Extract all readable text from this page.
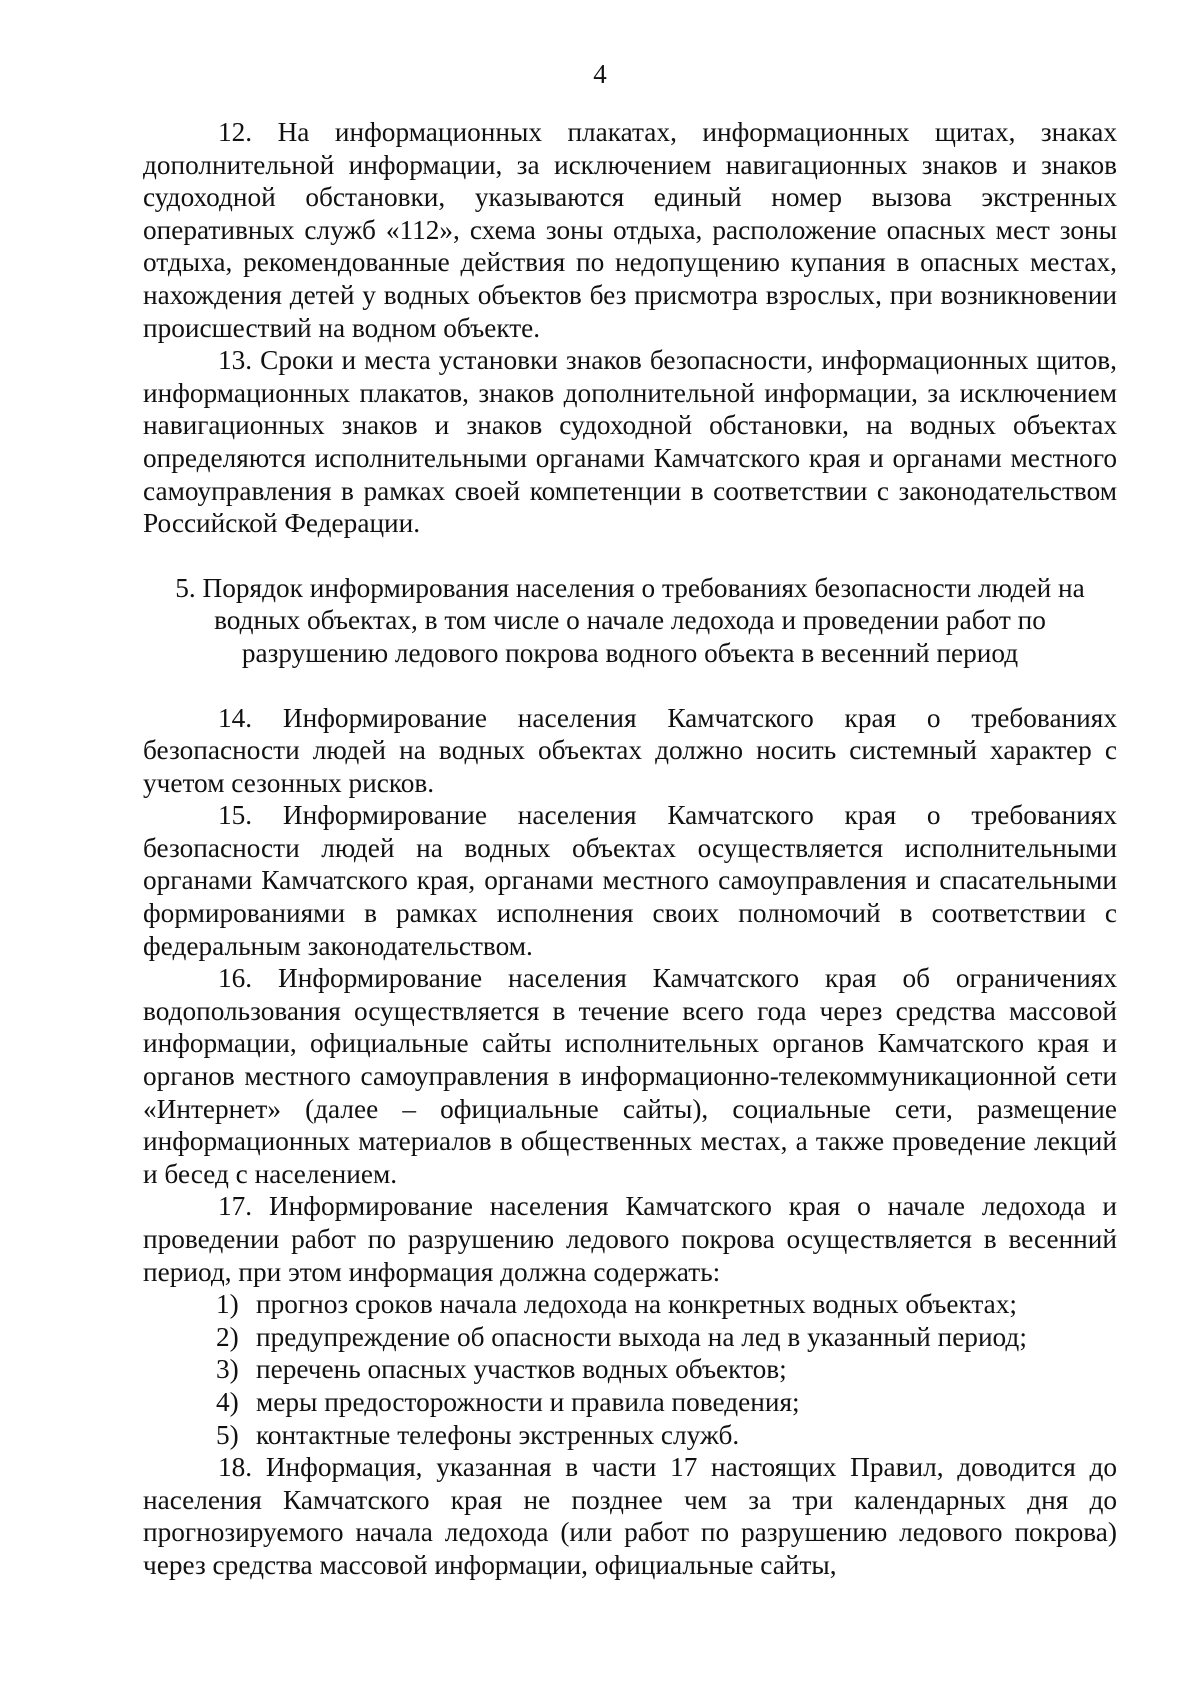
4

12. На информационных плакатах, информационных щитах, знаках дополнительной информации, за исключением навигационных знаков и знаков судоходной обстановки, указываются единый номер вызова экстренных оперативных служб «112», схема зоны отдыха, расположение опасных мест зоны отдыха, рекомендованные действия по недопущению купания в опасных местах, нахождения детей у водных объектов без присмотра взрослых, при возникновении происшествий на водном объекте.

13. Сроки и места установки знаков безопасности, информационных щитов, информационных плакатов, знаков дополнительной информации, за исключением навигационных знаков и знаков судоходной обстановки, на водных объектах определяются исполнительными органами Камчатского края и органами местного самоуправления в рамках своей компетенции в соответствии с законодательством Российской Федерации.

5. Порядок информирования населения о требованиях безопасности людей на водных объектах, в том числе о начале ледохода и проведении работ по разрушению ледового покрова водного объекта в весенний период

14. Информирование населения Камчатского края о требованиях безопасности людей на водных объектах должно носить системный характер с учетом сезонных рисков.

15. Информирование населения Камчатского края о требованиях безопасности людей на водных объектах осуществляется исполнительными органами Камчатского края, органами местного самоуправления и спасательными формированиями в рамках исполнения своих полномочий в соответствии с федеральным законодательством.

16. Информирование населения Камчатского края об ограничениях водопользования осуществляется в течение всего года через средства массовой информации, официальные сайты исполнительных органов Камчатского края и органов местного самоуправления в информационно-телекоммуникационной сети «Интернет» (далее – официальные сайты), социальные сети, размещение информационных материалов в общественных местах, а также проведение лекций и бесед с населением.

17. Информирование населения Камчатского края о начале ледохода и проведении работ по разрушению ледового покрова осуществляется в весенний период, при этом информация должна содержать:

1) прогноз сроков начала ледохода на конкретных водных объектах;

2) предупреждение об опасности выхода на лед в указанный период;

3) перечень опасных участков водных объектов;

4) меры предосторожности и правила поведения;

5) контактные телефоны экстренных служб.

18. Информация, указанная в части 17 настоящих Правил, доводится до населения Камчатского края не позднее чем за три календарных дня до прогнозируемого начала ледохода (или работ по разрушению ледового покрова) через средства массовой информации, официальные сайты,
